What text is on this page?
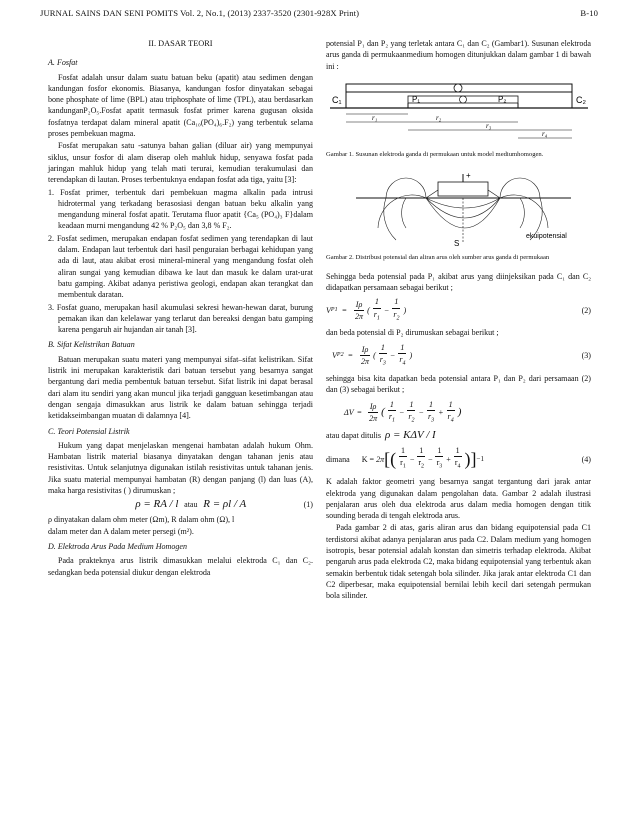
JURNAL SAINS DAN SENI POMITS Vol. 2, No.1, (2013) 2337-3520 (2301-928X Print)	B-10
II. DASAR TEORI
A. Fosfat
Fosfat adalah unsur dalam suatu batuan beku (apatit) atau sedimen dengan kandungan fosfor ekonomis. Biasanya, kandungan fosfor dinyatakan sebagai bone phosphate of lime (BPL) atau triphosphate of lime (TPL), atau berdasarkan kandunganP₂O₅.Fosfat apatit termasuk fosfat primer karena gugusan oksida fosfatnya terdapat dalam mineral apatit (Ca₁₀(PO₄)₆.F₂) yang terbentuk selama proses pembekuan magma.
Fosfat merupakan satu -satunya bahan galian (diluar air) yang mempunyai siklus, unsur fosfor di alam diserap oleh mahluk hidup, senyawa fosfat pada jaringan mahluk hidup yang telah mati terurai, kemudian terakumulasi dan terendapkan di lautan. Proses terbentuknya endapan fosfat ada tiga, yaitu [3]:
1. Fosfat primer, terbentuk dari pembekuan magma alkalin pada intrusi hidrotermal yang terkadang berasosiasi dengan batuan beku alkalin yang mengandung mineral fosfat apatit. Terutama fluor apatit {Ca₅ (PO₄)₃ F}dalam keadaan murni mengandung 42 % P₂O₅ dan 3,8 % F₂.
2. Fosfat sedimen, merupakan endapan fosfat sedimen yang terendapkan di laut dalam. Endapan laut terbentuk dari hasil penguraian berbagai kehidupan yang ada di laut, atau akibat erosi mineral-mineral yang mengandung fosfat oleh aliran sungai yang kemudian dibawa ke laut dan masuk ke dalam urat-urat batu gamping. Akibat adanya peristiwa geologi, endapan akan terangkat dan membentuk daratan.
3. Fosfat guano, merupakan hasil akumulasi sekresi hewan-hewan darat, burung pemakan ikan dan kelelawar yang terlarut dan bereaksi dengan batu gamping karena pengaruh air hujandan air tanah [3].
B. Sifat Kelistrikan Batuan
Batuan merupakan suatu materi yang mempunyai sifat–sifat kelistrikan. Sifat listrik ini merupakan karakteristik dari batuan tersebut yang besarnya sangat bergantung dari media pembentuk batuan tersebut. Sifat listrik ini dapat berasal dari alam itu sendiri yang akan muncul jika terjadi gangguan kesetimbangan atau dengan sengaja dimasukkan arus listrik ke dalam batuan sehingga terjadi ketidakseimbangan muatan di dalamnya [4].
C. Teori Potensial Listrik
Hukum yang dapat menjelaskan mengenai hambatan adalah hukum Ohm. Hambatan listrik material biasanya dinyatakan dengan tahanan jenis atau resistivitas. Untuk selanjutnya digunakan istilah resistivitas untuk tahanan jenis. Jika suatu material mempunyai hambatan (R) dengan panjang (l) dan luas (A), maka harga resistivitas ( ) dirumuskan ;
ρ = RA / l atau R = ρl / A	(1)
ρ dinyatakan dalam ohm meter (Ωm), R dalam ohm (Ω), l
dalam meter dan A dalam meter persegi (m²).
D. Elektroda Arus Pada Medium Homogen
Pada prakteknya arus listrik dimasukkan melalui elektroda C₁ dan C₂. sedangkan beda potensial diukur dengan elektroda
potensial P₁ dan P₂ yang terletak antara C₁ dan C₂ (Gambar1). Susunan elektroda arus ganda di permukaanmedium homogen ditunjukkan dalam gambar 1 di bawah ini :
C₁	P₁	P₂	C₂
r₁	r₂
r₃
r₄
Gambar 1. Susunan elektroda ganda di permukaan untuk model mediumhomogen.
+
S
ekuipotensial
Gambar 2. Distribusi potensial dan aliran arus oleh sumber arus ganda di permukaan
Sehingga beda potensial pada P₁ akibat arus yang diinjeksikan pada C₁ dan C₂ didapatkan persamaan sebagai berikut ;
V $P1 = \frac{I\rho}{2\pi}$ ( $\frac{1}{r_1} - \frac{1}{r_2}$ )	(2)
dan beda potensial di P₂ dirumuskan sebagai berikut ;
V $P2 = \frac{I\rho}{2\pi}$ ( $\frac{1}{r_3} - \frac{1}{r_4}$ )	(3)
sehingga bisa kita dapatkan beda potensial antara P₁ dan P₂ dari persamaan (2) dan (3) sebagai berikut ;
$\Delta V = \frac{I\rho}{2\pi}$ ( $\frac{1}{r_1} - \frac{1}{r_2} - \frac{1}{r_3} + \frac{1}{r_4}$ )
atau dapat ditulis ρ = KΔV / I
dimana K = 2π [( $\frac{1}{r_1} - \frac{1}{r_2} - \frac{1}{r_3} + \frac{1}{r_4}$ )] −1	(4)
K adalah faktor geometri yang besarnya sangat tergantung dari jarak antar elektroda yang digunakan dalam pengolahan data. Gambar 2 adalah ilustrasi penjalaran arus oleh dua elektroda arus dalam media homogen dengan titik sounding berada di tengah elektroda arus.
Pada gambar 2 di atas, garis aliran arus dan bidang equipotensial pada C1 terdistorsi akibat adanya penjalaran arus pada C2. Dalam medium yang homogen isotropis, besar potensial adalah konstan dan simetris terhadap elektroda. Akibat pengaruh arus pada elektroda C2, maka bidang equipotensial yang terbentuk akan semakin berbentuk tidak setengah bola silinder. Jika jarak antar elektroda C1 dan C2 diperbesar, maka equipotensial bernilai lebih kecil dari setengah permukan bola silinder.
